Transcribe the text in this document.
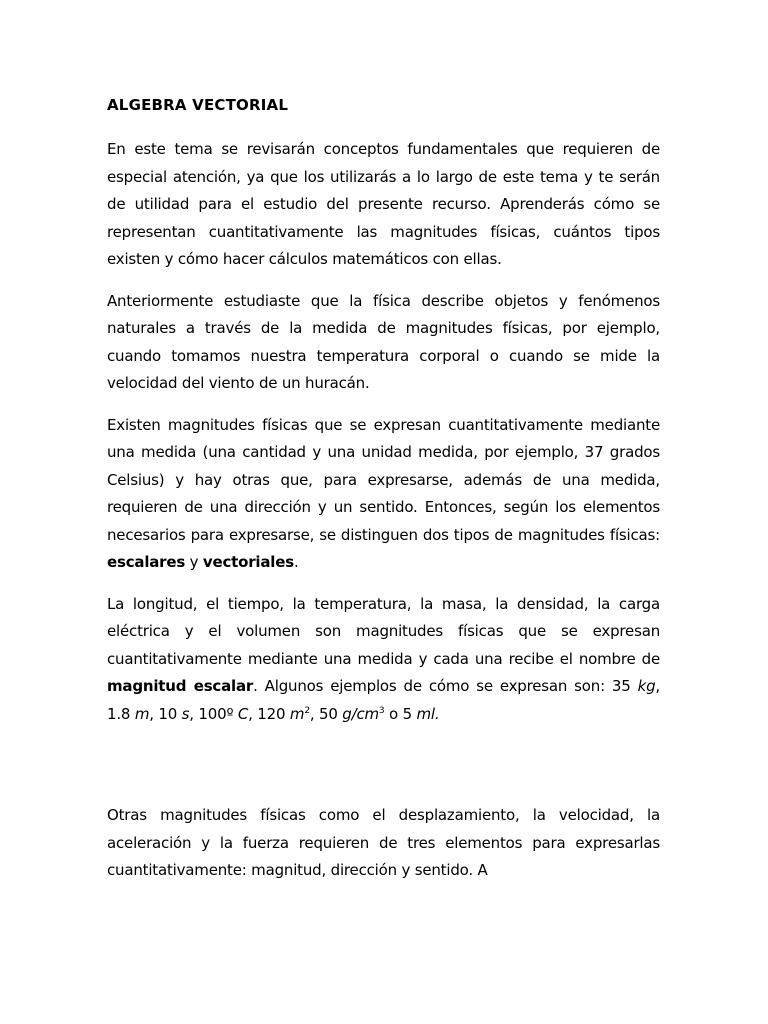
ALGEBRA VECTORIAL

En este tema se revisarán conceptos fundamentales que requieren de especial atención, ya que los utilizarás a lo largo de este tema y te serán de utilidad para el estudio del presente recurso. Aprenderás cómo se representan cuantitativamente las magnitudes físicas, cuántos tipos existen y cómo hacer cálculos matemáticos con ellas.

Anteriormente estudiaste que la física describe objetos y fenómenos naturales a través de la medida de magnitudes físicas, por ejemplo, cuando tomamos nuestra temperatura corporal o cuando se mide la velocidad del viento de un huracán.

Existen magnitudes físicas que se expresan cuantitativamente mediante una medida (una cantidad y una unidad medida, por ejemplo, 37 grados Celsius) y hay otras que, para expresarse, además de una medida, requieren de una dirección y un sentido. Entonces, según los elementos necesarios para expresarse, se distinguen dos tipos de magnitudes físicas: escalares y vectoriales.

La longitud, el tiempo, la temperatura, la masa, la densidad, la carga eléctrica y el volumen son magnitudes físicas que se expresan cuantitativamente mediante una medida y cada una recibe el nombre de magnitud escalar. Algunos ejemplos de cómo se expresan son: 35 kg, 1.8 m, 10 s, 100º C, 120 $m^2$, 50 $g/cm^3$ o 5 ml.

Otras magnitudes físicas como el desplazamiento, la velocidad, la aceleración y la fuerza requieren de tres elementos para expresarlas cuantitativamente: magnitud, dirección y sentido. A
